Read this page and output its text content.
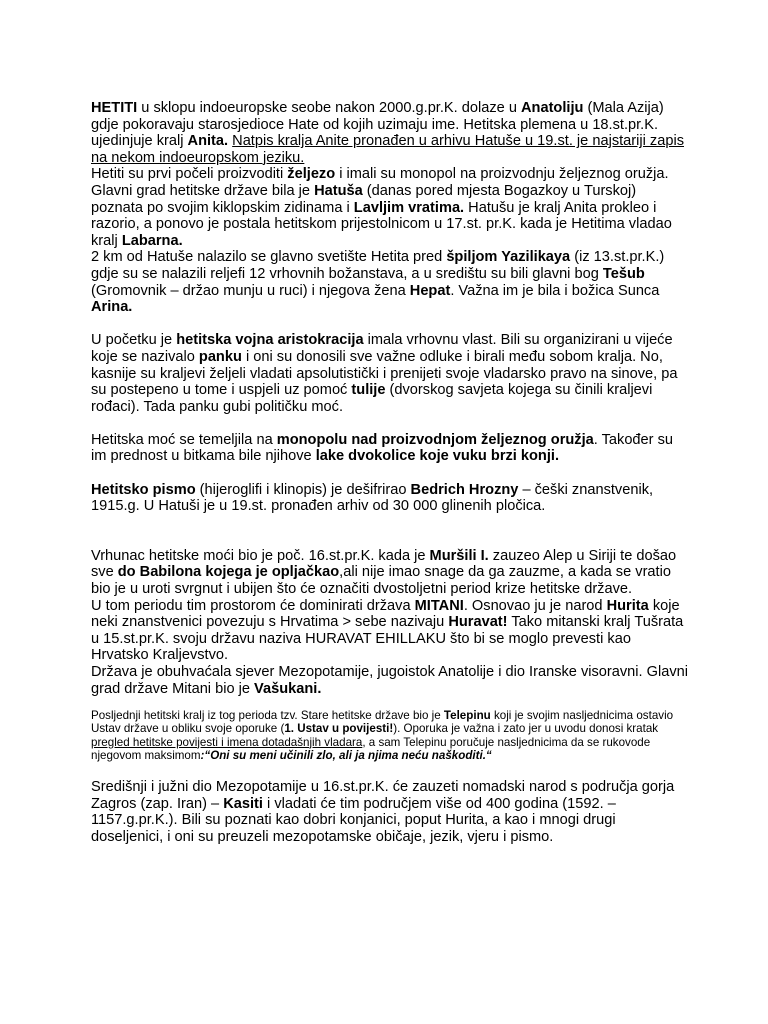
HETITI u sklopu indoeuropske seobe nakon 2000.g.pr.K. dolaze u Anatoliju (Mala Azija) gdje pokoravaju starosjedioce Hate od kojih uzimaju ime. Hetitska plemena u 18.st.pr.K. ujedinjuje kralj Anita. Natpis kralja Anite pronađen u arhivu Hatuše u 19.st. je najstariji zapis na nekom indoeuropskom jeziku.
Hetiti su prvi počeli proizvoditi željezo i imali su monopol na proizvodnju željeznog oružja. Glavni grad hetitske države bila je Hatuša (danas pored mjesta Bogazkoy u Turskoj) poznata po svojim kiklopskim zidinama i Lavljim vratima. Hatušu je kralj Anita prokleo i razorio, a ponovo je postala hetitskom prijestolnicom u 17.st. pr.K. kada je Hetitima vladao kralj Labarna.
2 km od Hatuše nalazilo se glavno svetište Hetita pred špiljom Yazilikaya (iz 13.st.pr.K.) gdje su se nalazili reljefi 12 vrhovnih božanstava, a u središtu su bili glavni bog Tešub (Gromovnik – držao munju u ruci) i njegova žena Hepat. Važna im je bila i božica Sunca Arina.

U početku je hetitska vojna aristokracija imala vrhovnu vlast. Bili su organizirani u vijeće koje se nazivalo panku i oni su donosili sve važne odluke i birali među sobom kralja. No, kasnije su kraljevi željeli vladati apsolutistički i prenijeti svoje vladarsko pravo na sinove, pa su postepeno u tome i uspjeli uz pomoć tulije (dvorskog savjeta kojega su činili kraljevi rođaci). Tada panku gubi političku moć.

Hetitska moć se temeljila na monopolu nad proizvodnjom željeznog oružja. Također su im prednost u bitkama bile njihove lake dvokolice koje vuku brzi konji.

Hetitsko pismo (hijeroglifi i klinopis) je dešifrirao Bedrich Hrozny – češki znanstvenik, 1915.g. U Hatuši je u 19.st. pronađen arhiv od 30 000 glinenih pločica.

Vrhunac hetitske moći bio je poč. 16.st.pr.K. kada je Muršili I. zauzeo Alep u Siriji te došao sve do Babilona kojega je opljačkao,ali nije imao snage da ga zauzme, a kada se vratio bio je u uroti svrgnut i ubijen što će označiti dvostoljetni period krize hetitske države.
U tom periodu tim prostorom će dominirati država MITANI. Osnovao ju je narod Hurita koje neki znanstvenici povezuju s Hrvatima > sebe nazivaju Huravat! Tako mitanski kralj Tušrata u 15.st.pr.K. svoju državu naziva HURAVAT EHILLAKU što bi se moglo prevesti kao Hrvatsko Kraljevstvo.
Država je obuhvaćala sjever Mezopotamije, jugoistok Anatolije i dio Iranske visoravni. Glavni grad države Mitani bio je Vašukani.

Posljednji hetitski kralj iz tog perioda tzv. Stare hetitske države bio je Telepinu koji je svojim nasljednicima ostavio Ustav države u obliku svoje oporuke (1. Ustav u povijesti!). Oporuka je važna i zato jer u uvodu donosi kratak pregled hetitske povijesti i imena dotadašnjih vladara, a sam Telepinu poručuje nasljednicima da se rukovode njegovom maksimom:“Oni su meni učinili zlo, ali ja njima neću naškoditi.“

Središnji i južni dio Mezopotamije u 16.st.pr.K. će zauzeti nomadski narod s područja gorja Zagros (zap. Iran) – Kasiti i vladati će tim područjem više od 400 godina (1592. – 1157.g.pr.K.). Bili su poznati kao dobri konjanici, poput Hurita, a kao i mnogi drugi doseljenici, i oni su preuzeli mezopotamske običaje, jezik, vjeru i pismo.
